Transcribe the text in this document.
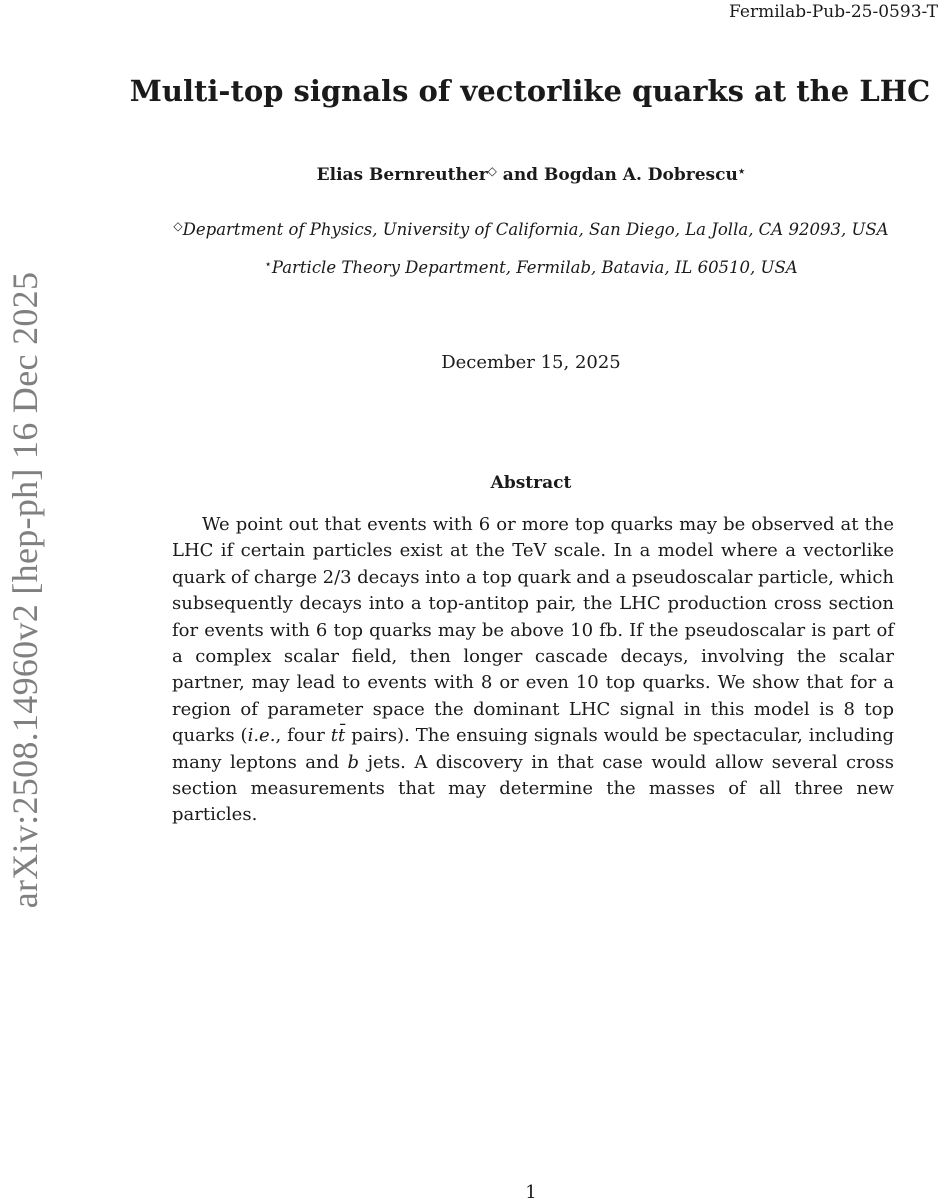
Fermilab-Pub-25-0593-T
arXiv:2508.14960v2 [hep-ph] 16 Dec 2025
Multi-top signals of vectorlike quarks at the LHC
Elias Bernreuther◇ and Bogdan A. Dobrescu⋆
◇Department of Physics, University of California, San Diego, La Jolla, CA 92093, USA
⋆Particle Theory Department, Fermilab, Batavia, IL 60510, USA
December 15, 2025
Abstract

We point out that events with 6 or more top quarks may be observed at the LHC if certain particles exist at the TeV scale. In a model where a vectorlike quark of charge 2/3 decays into a top quark and a pseudoscalar particle, which subsequently decays into a top-antitop pair, the LHC production cross section for events with 6 top quarks may be above 10 fb. If the pseudoscalar is part of a complex scalar field, then longer cascade decays, involving the scalar partner, may lead to events with 8 or even 10 top quarks. We show that for a region of parameter space the dominant LHC signal in this model is 8 top quarks (i.e., four tt̄ pairs). The ensuing signals would be spectacular, including many leptons and b jets. A discovery in that case would allow several cross section measurements that may determine the masses of all three new particles.

1
